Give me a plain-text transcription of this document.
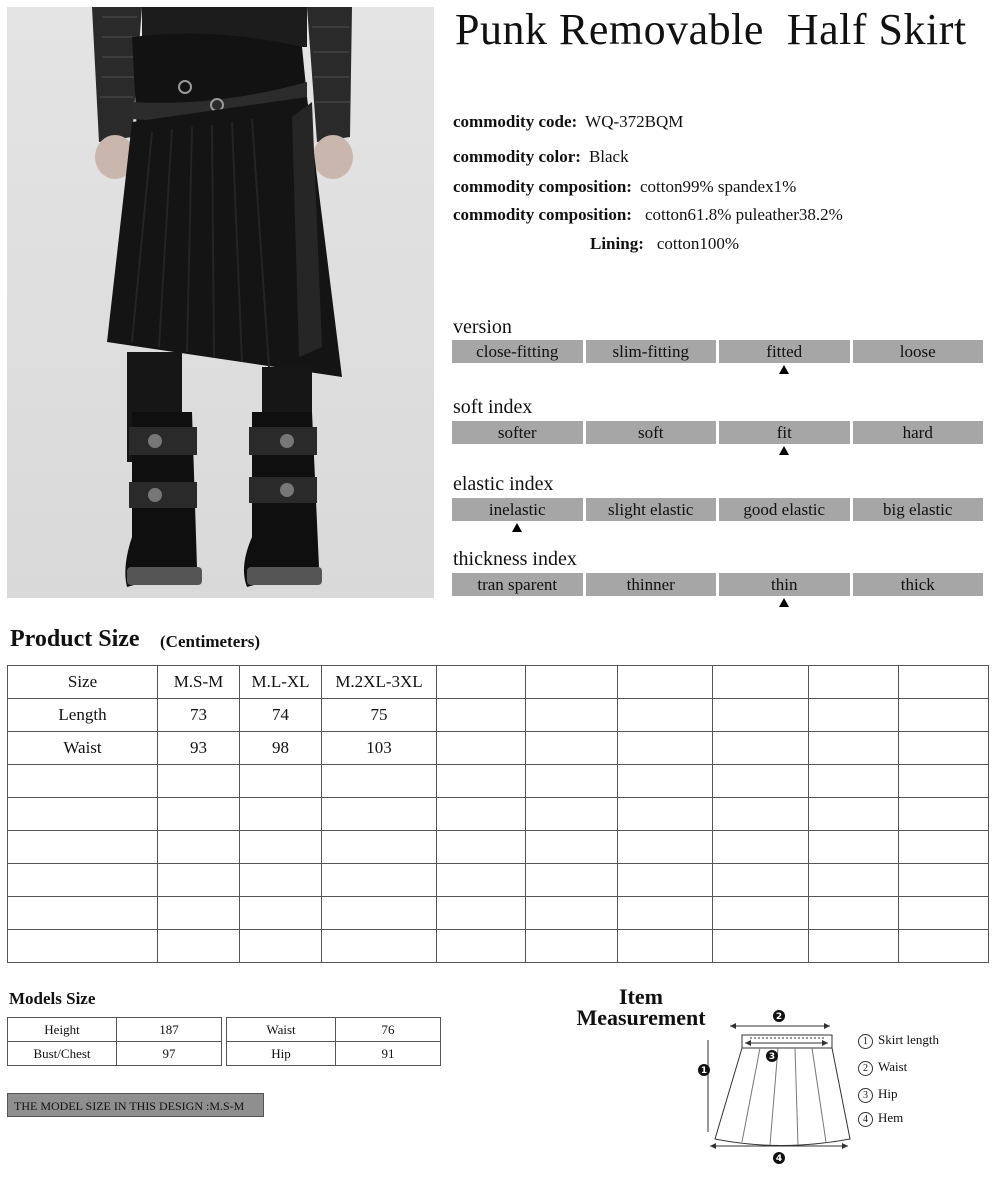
Punk Removable  Half Skirt
commodity code: WQ-372BQM
commodity color: Black
commodity composition: cotton99% spandex1%
commodity composition: cotton61.8% puleather38.2%
Lining: cotton100%
version
close-fitting	slim-fitting	fitted	loose
soft index
softer	soft	fit	hard
elastic index
inelastic	slight elastic	good elastic	big elastic
thickness index
tran sparent	thinner	thin	thick
Product Size (Centimeters)
Size	M.S-M	M.L-XL	M.2XL-3XL						
Length	73	74	75						
Waist	93	98	103						

Models Size
Height	187
Bust/Chest	97
Waist	76
Hip	91
THE MODEL SIZE IN THIS DESIGN :M.S-M
Item
Measurement	2
3
1
4
1 Skirt length
2 Waist
3 Hip
4 Hem
